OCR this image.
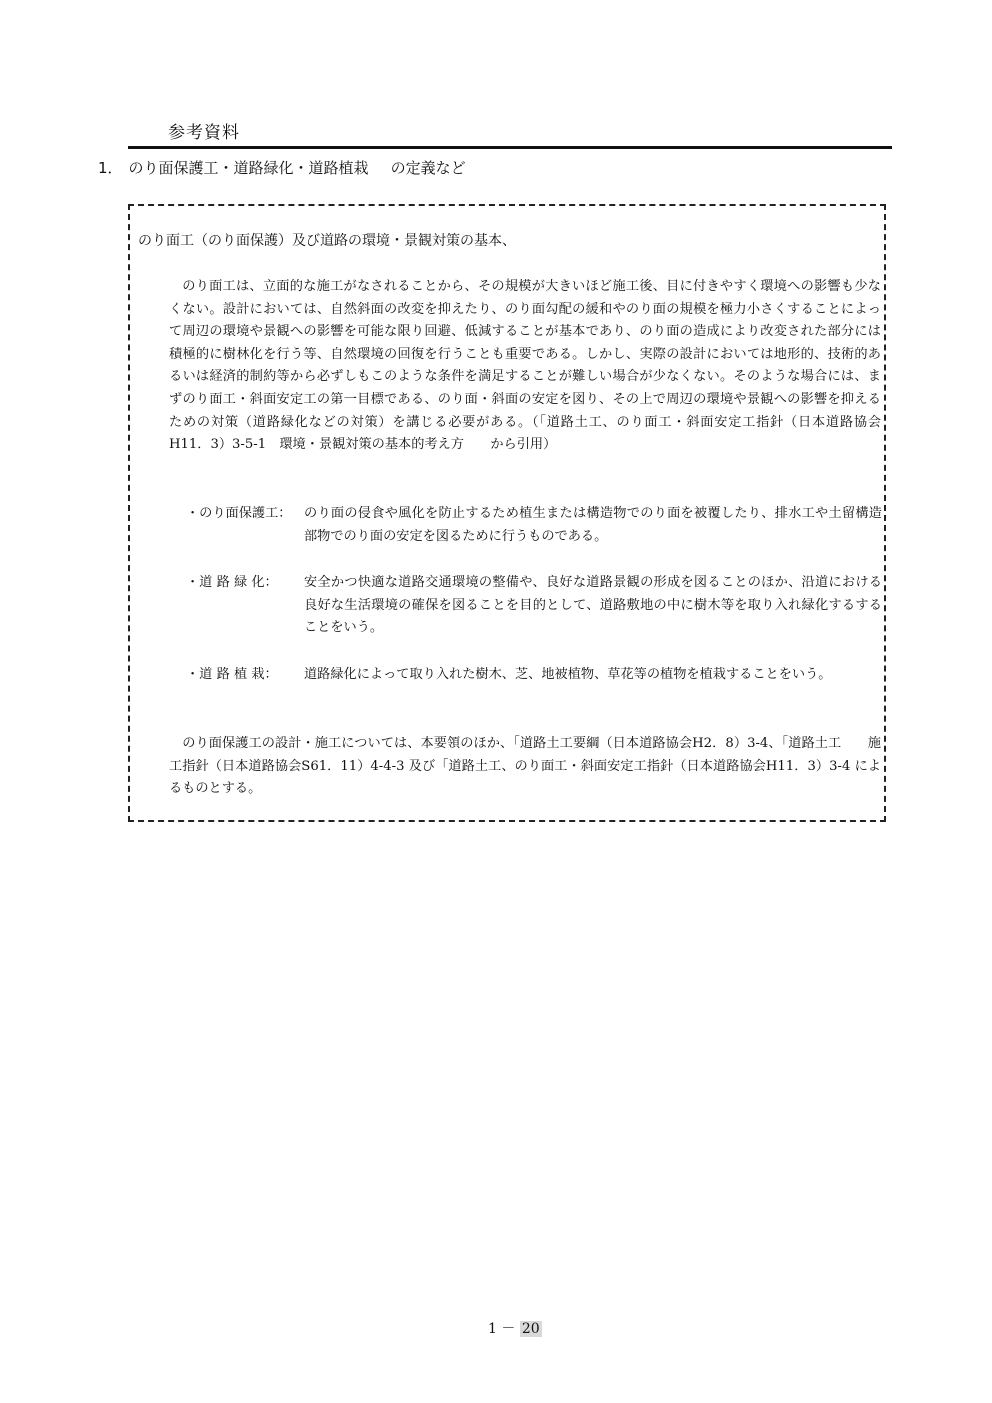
参考資料
1． のり面保護工・道路緑化・道路植栽 の定義など
のり面工（のり面保護）及び道路の環境・景観対策の基本、
のり面工は、立面的な施工がなされることから、その規模が大きいほど施工後、目に付きやすく環境への影響も少なくない。設計においては、自然斜面の改変を抑えたり、のり面勾配の緩和やのり面の規模を極力小さくすることによって周辺の環境や景観への影響を可能な限り回避、低減することが基本であり、のり面の造成により改変された部分には積極的に樹林化を行う等、自然環境の回復を行うことも重要である。しかし、実際の設計においては地形的、技術的あるいは経済的制約等から必ずしもこのような条件を満足することが難しい場合が少なくない。そのような場合には、まずのり面工・斜面安定工の第一目標である、のり面・斜面の安定を図り、その上で周辺の環境や景観への影響を抑えるための対策（道路緑化などの対策）を講じる必要がある。（「道路土工、のり面工・斜面安定工指針（日本道路協会H11．3）3-5-1　環境・景観対策の基本的考え方　　から引用）
・のり面保護工： のり面の侵食や風化を防止するため植生または構造物でのり面を被覆したり、排水工や土留構造部物でのり面の安定を図るために行うものである。
・道 路 緑 化： 安全かつ快適な道路交通環境の整備や、良好な道路景観の形成を図ることのほか、沿道における良好な生活環境の確保を図ることを目的として、道路敷地の中に樹木等を取り入れ緑化するすることをいう。
・道 路 植 栽：	道路緑化によって取り入れた樹木、芝、地被植物、草花等の植物を植栽することをいう。
のり面保護工の設計・施工については、本要領のほか、「道路土工要綱（日本道路協会H2．8）3-4、「道路土工　　施工指針（日本道路協会S61．11）4-4-3 及び「道路土工、のり面工・斜面安定工指針（日本道路協会H11．3）3-4 によるものとする。
1 － 20
